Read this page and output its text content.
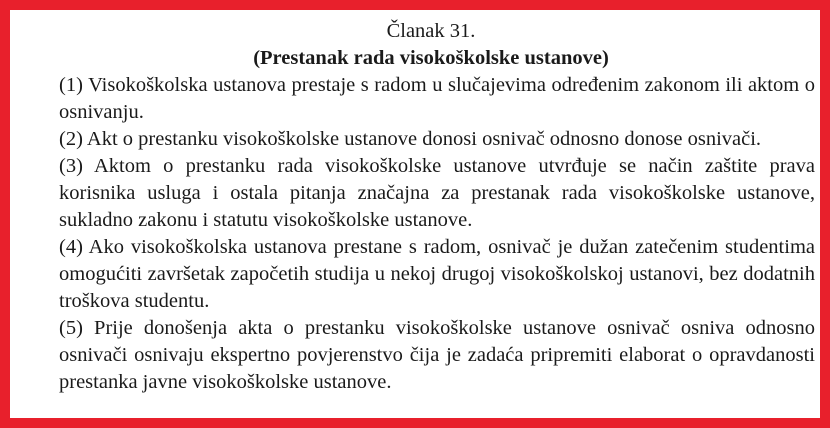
Članak 31.

(Prestanak rada visokoškolske ustanove)

(1) Visokoškolska ustanova prestaje s radom u slučajevima određenim zakonom ili aktom o osnivanju.

(2) Akt o prestanku visokoškolske ustanove donosi osnivač odnosno donose osnivači.

(3) Aktom o prestanku rada visokoškolske ustanove utvrđuje se način zaštite prava korisnika usluga i ostala pitanja značajna za prestanak rada visokoškolske ustanove, sukladno zakonu i statutu visokoškolske ustanove.

(4) Ako visokoškolska ustanova prestane s radom, osnivač je dužan zatečenim studentima omogućiti završetak započetih studija u nekoj drugoj visokoškolskoj ustanovi, bez dodatnih troškova studentu.

(5) Prije donošenja akta o prestanku visokoškolske ustanove osnivač osniva odnosno osnivači osnivaju ekspertno povjerenstvo čija je zadaća pripremiti elaborat o opravdanosti prestanka javne visokoškolske ustanove.
